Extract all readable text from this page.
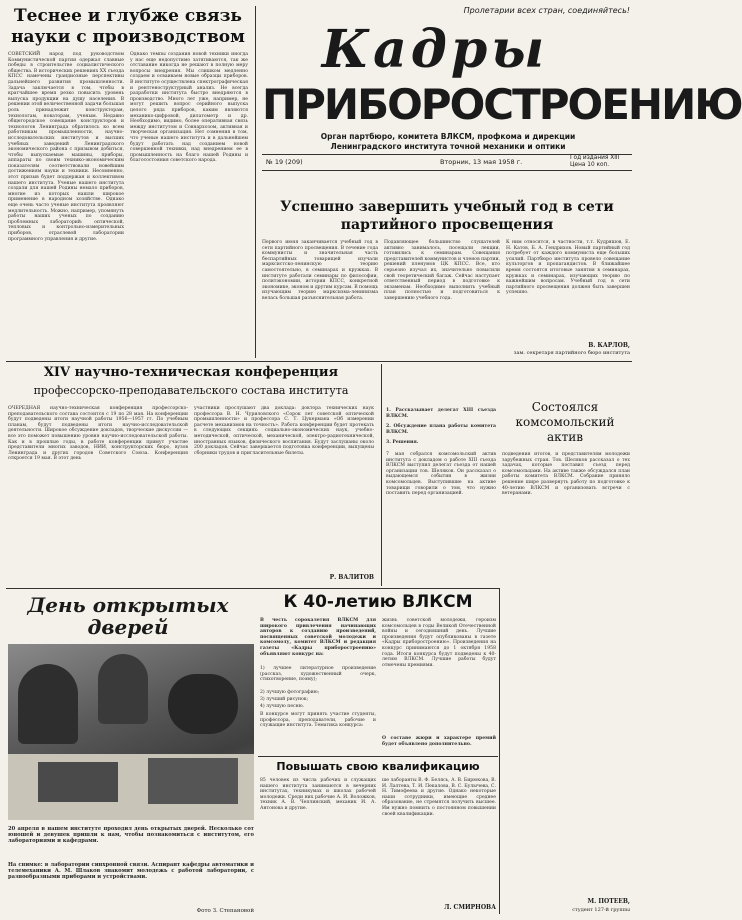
Пролетарии всех стран, соединяйтесь!
Кадры
ПРИБОРОСТРОЕНИЮ
Орган партбюро, комитета ВЛКСМ, профкома и дирекции
Ленинградского института точной механики и оптики
№ 19 (209)	Вторник, 13 мая 1958 г.	Год издания XIII
Цена 10 коп.
Теснее и глубже связь науки с производством
СОВЕТСКИЙ народ под руководством Коммунистической партии одержал славные победы в строительстве социалистического общества. В исторических решениях XX съезда КПСС намечены грандиозные перспективы дальнейшего развития промышленности. Задача заключается в том, чтобы в кратчайшее время резко повысить уровень выпуска продукции на душу населения. В решении этой величественной задачи большая роль принадлежит конструкторам, технологам, новаторам, ученым. Недавно общегородское совещание конструкторов и технологов Ленинграда обратилось ко всем работникам промышленности, научно-исследовательских институтов и высших учебных заведений Ленинградского экономического района с призывом добиться, чтобы выпускаемые машины, приборы, аппараты по своим технико-экономическим показателям соответствовали новейшим достижениям науки и техники. Несомненно, этот призыв будет поддержан и коллективом нашего института. Ученые нашего института создали для нашей Родины немало приборов, многие из которых нашли широкое применение в народном хозяйстве. Однако еще очень часто ученые института проявляют медлительность. Можно, например, упомянуть работы наших ученых по созданию проблемных лабораторий: оптической, тепловых и контрольно-измерительных приборов, отраслевой лаборатории программного управления и другие.
Однако темпы создания новой техники иногда у нас еще недопустимо затягиваются, так же отставание никогда не решают в полную меру вопросы внедрения. Мы слишком медленно создаем и осваиваем новые образцы приборов. В институте осуществлена спектрографическая и рентгеноструктурный анализ. Не всегда разработки института быстро внедряются в производство. Много лет уже, например, не могут решить вопрос серийного выпуска целого ряда приборов, каким являются механико-цифровой, дилатометр и др. Необходимо, видимо, более оперативная связь между институтом и Совнархозом, активная и творческая организация. Нет сомнения в том, что ученые нашего института и в дальнейшем будут работать над созданием новой совершенной техники, над внедрением ее в промышленность на благо нашей Родины и благосостояния советского народа.
Успешно завершить учебный год в сети партийного просвещения
Первого июня заканчивается учебный год в сети партийного просвещения. В течение года коммунисты и значительная часть беспартийных товарищей изучали марксистско-ленинскую теорию самостоятельно, в семинарах и кружках. В институте работали семинары по философии, политэкономии, истории КПСС, конкретной экономике, эконом и другим курсам. В помощь изучающим теорию марксизма-ленинизма велась большая разъяснительная работа.
Подавляющее большинство слушателей активно занималось, посещали лекции, готовились к семинарам. Совещания представителей коммунистов и членов партии, решений пленумов ЦК КПСС. Все, кто серьезно изучал их, значительно повысили свой теоретический багаж. Сейчас наступает ответственный период в подготовке к экзаменам. Необходимо выполнить учебный план полностью и подготовиться к завершению учебного года.
К ним относятся, в частности, т.т. Кудряшов, Е. Н. Катов, Б. А. Гендрихов. Новый партийный год потребует от каждого коммуниста еще больших усилий. Партбюро института провело совещание культоргов и пропагандистов. В ближайшее время состоятся итоговые занятия в семинарах, кружках и семинарах, изучающих теорию по важнейшим вопросам. Учебный год в сети партийного просвещения должен быть завершен успешно.
В. КАРЛОВ,
зам. секретаря партийного бюро института
XIV научно-техническая конференция
профессорско-преподавательского состава института
ОЧЕРЕДНАЯ научно-техническая конференция профессорско-преподавательского состава состоится с 19 по 28 мая. На конференции будут подведены итоги научной работы 1956—1957 гг. По учебным планам, будут подведены итоги научно-исследовательской деятельности. Широкое обсуждение докладов, творческие дискуссии — все это поможет повышению уровня научно-исследовательской работы. Как и в прошлые годы, в работе конференции примут участие представители многих заводов, НИИ, конструкторских бюро, вузов Ленинграда и других городов Советского Союза. Конференция откроется 19 мая. В этот день
участники прослушают два доклада: доктора технических наук профессора В. Н. Чуриловского «Сорок лет советской оптической промышленности» и профессора С. Т. Цукермана «Об измерении расчете механизмов на точность». Работа конференции будет протекать в следующих секциях: социально-экономических наук, учебно-методической, оптической, механической, электро-радиотехнической, иностранных языков, физического воспитания. Будут заслушаны около 200 докладов. Сейчас завершается подготовка конференции, выпущены сборники трудов и пригласительные билеты.
Р. ВАЛИТОВ
1. Рассказывает делегат XIII съезда ВЛКСМ.
2. Обсуждение плана работы комитета ВЛКСМ.
3. Решения.
Состоялся комсомольский актив
7 мая собрался комсомольский актив института с докладом о работе XIII съезда ВЛКСМ выступил делегат съезда от нашей организации тов. Шеляков. Он рассказал о выдающемся событии в жизни комсомольцев. Выступившие на активе товарищи говорили о том, что нужно поставить перед организацией.
подведения итогов, и представителям молодежи зарубежных стран. Тов. Шеляков рассказал о тех задачах, которые поставил съезд перед комсомольцами. На активе также обсуждался план работы комитета ВЛКСМ. Собрание приняло решение шире развернуть работу по подготовке к 40-летию ВЛКСМ и организовать встречи с ветеранами.
М. ПОТЕЕВ,
студент 127-й группы
День открытых
дверей
20 апреля в нашем институте проходил день открытых дверей. Несколько сот юношей и девушек пришли к нам, чтобы познакомиться с институтом, его лабораториями и кафедрами.
На снимке: в лаборатории синхронной связи. Аспирант кафедры автоматики и телемеханики А. М. Шлаков знакомит молодежь с работой лаборатории, с разнообразными приборами и устройствами.
Фото З. Степановой
К 40-летию ВЛКСМ
В честь сорокалетия ВЛКСМ для широкого привлечения начинающих авторов к созданию произведений, посвященных советской молодежи и комсомолу, комитет ВЛКСМ и редакция газеты «Кадры приборостроению» объявляют конкурс на:
1) лучшее литературное произведение (рассказ, художественный очерк, стихотворение, поэму);
2) лучшую фотографию;
3) лучший рисунок;
4) лучшую песню.
В конкурсе могут принять участие студенты, профессора, преподаватели, рабочие и служащие института. Тематика конкурса:
жизнь советской молодежи, героизм комсомольцев в годы Великой Отечественной войны и сегодняшний день. Лучшие произведения будут опубликованы в газете «Кадры приборостроению». Произведения на конкурс принимаются до 1 октября 1958 года. Итоги конкурса будут подведены к 40-летию ВЛКСМ. Лучшие работы будут отмечены премиями.
О составе жюри и характере премий будет объявлено дополнительно.
Повышать свою квалификацию
85 человек из числа рабочих и служащих нашего института занимаются в вечерних институтах, техникумах и школах рабочей молодежи. Среди них рабочие А. И. Воложков, техник А. В. Чеплинский, механик И. А. Антонова и другие.
ше лаборанты В. Ф. Белясь, А. В. Бирюкова, В. И. Лалтева, Т. И. Пекалова, В. С. Булычева, С. Н. Тимофеева и другие. Однако некоторые наши сотрудники, имеющие среднее образование, не стремятся получить высшее. Им нужно помнить о постоянном повышении своей квалификации.
Л. СМИРНОВА
